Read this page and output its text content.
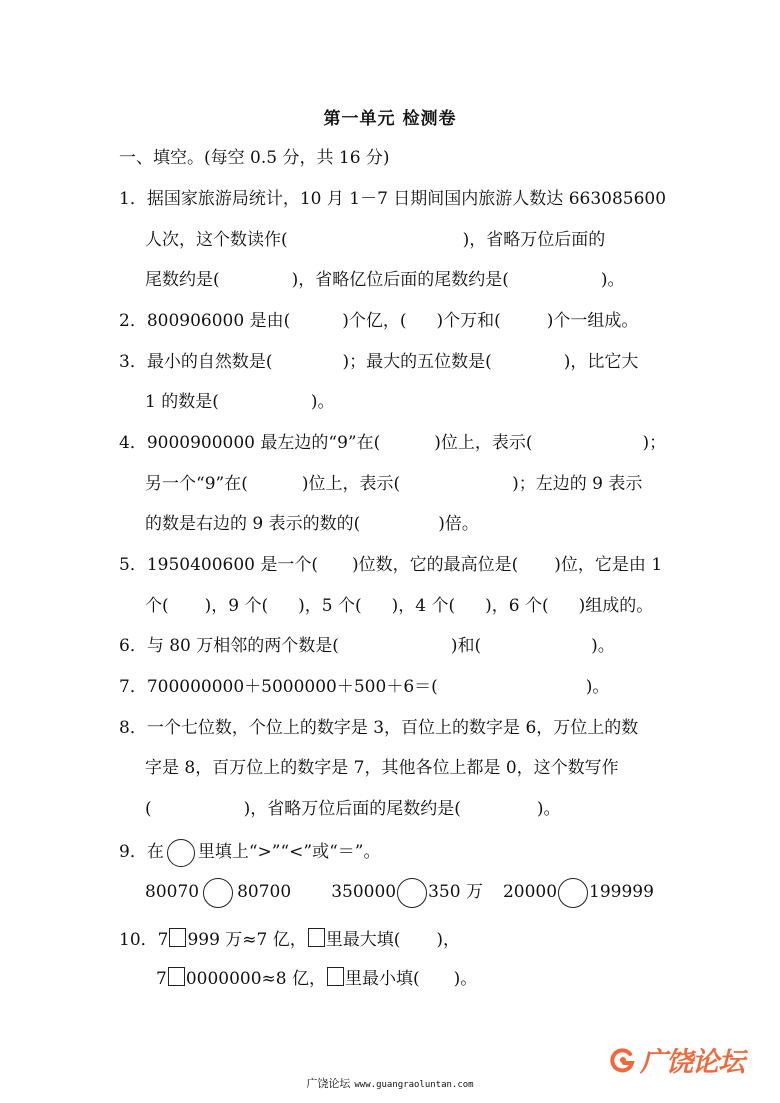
第一单元 检测卷
一、填空。(每空 0.5 分，共 16 分)
1．据国家旅游局统计，10 月 1－7 日期间国内旅游人数达 663085600
人次，这个数读作(	)，省略万位后面的
尾数约是(	)，省略亿位后面的尾数约是(	)。
2．800906000 是由(	)个亿，( )个万和(	)个一组成。
3．最小的自然数是(	)；最大的五位数是(	)，比它大
1 的数是(	)。
4．9000900000 最左边的“9”在(	)位上，表示(	)；
另一个“9”在(	)位上，表示(	)；左边的 9 表示
的数是右边的 9 表示的数的(	)倍。
5．1950400600 是一个( )位数，它的最高位是( )位，它是由 1
个( )，9 个( )，5 个( )，4 个( )，6 个( )组成的。
6．与 80 万相邻的两个数是(	)和(	)。
7．700000000＋5000000＋500＋6＝(	)。
8．一个七位数，个位上的数字是 3，百位上的数字是 6，万位上的数
字是 8，百万位上的数字是 7，其他各位上都是 0，这个数写作
(	)，省略万位后面的尾数约是(	)。
9．在 里填上“>”“<”或“＝”。
80070 80700 350000 350 万 20000 199999
10．7 999 万≈7 亿， 里最大填( )，
7 0000000≈8 亿， 里最小填( )。
广饶论坛
广饶论坛 www.guangraoluntan.com
